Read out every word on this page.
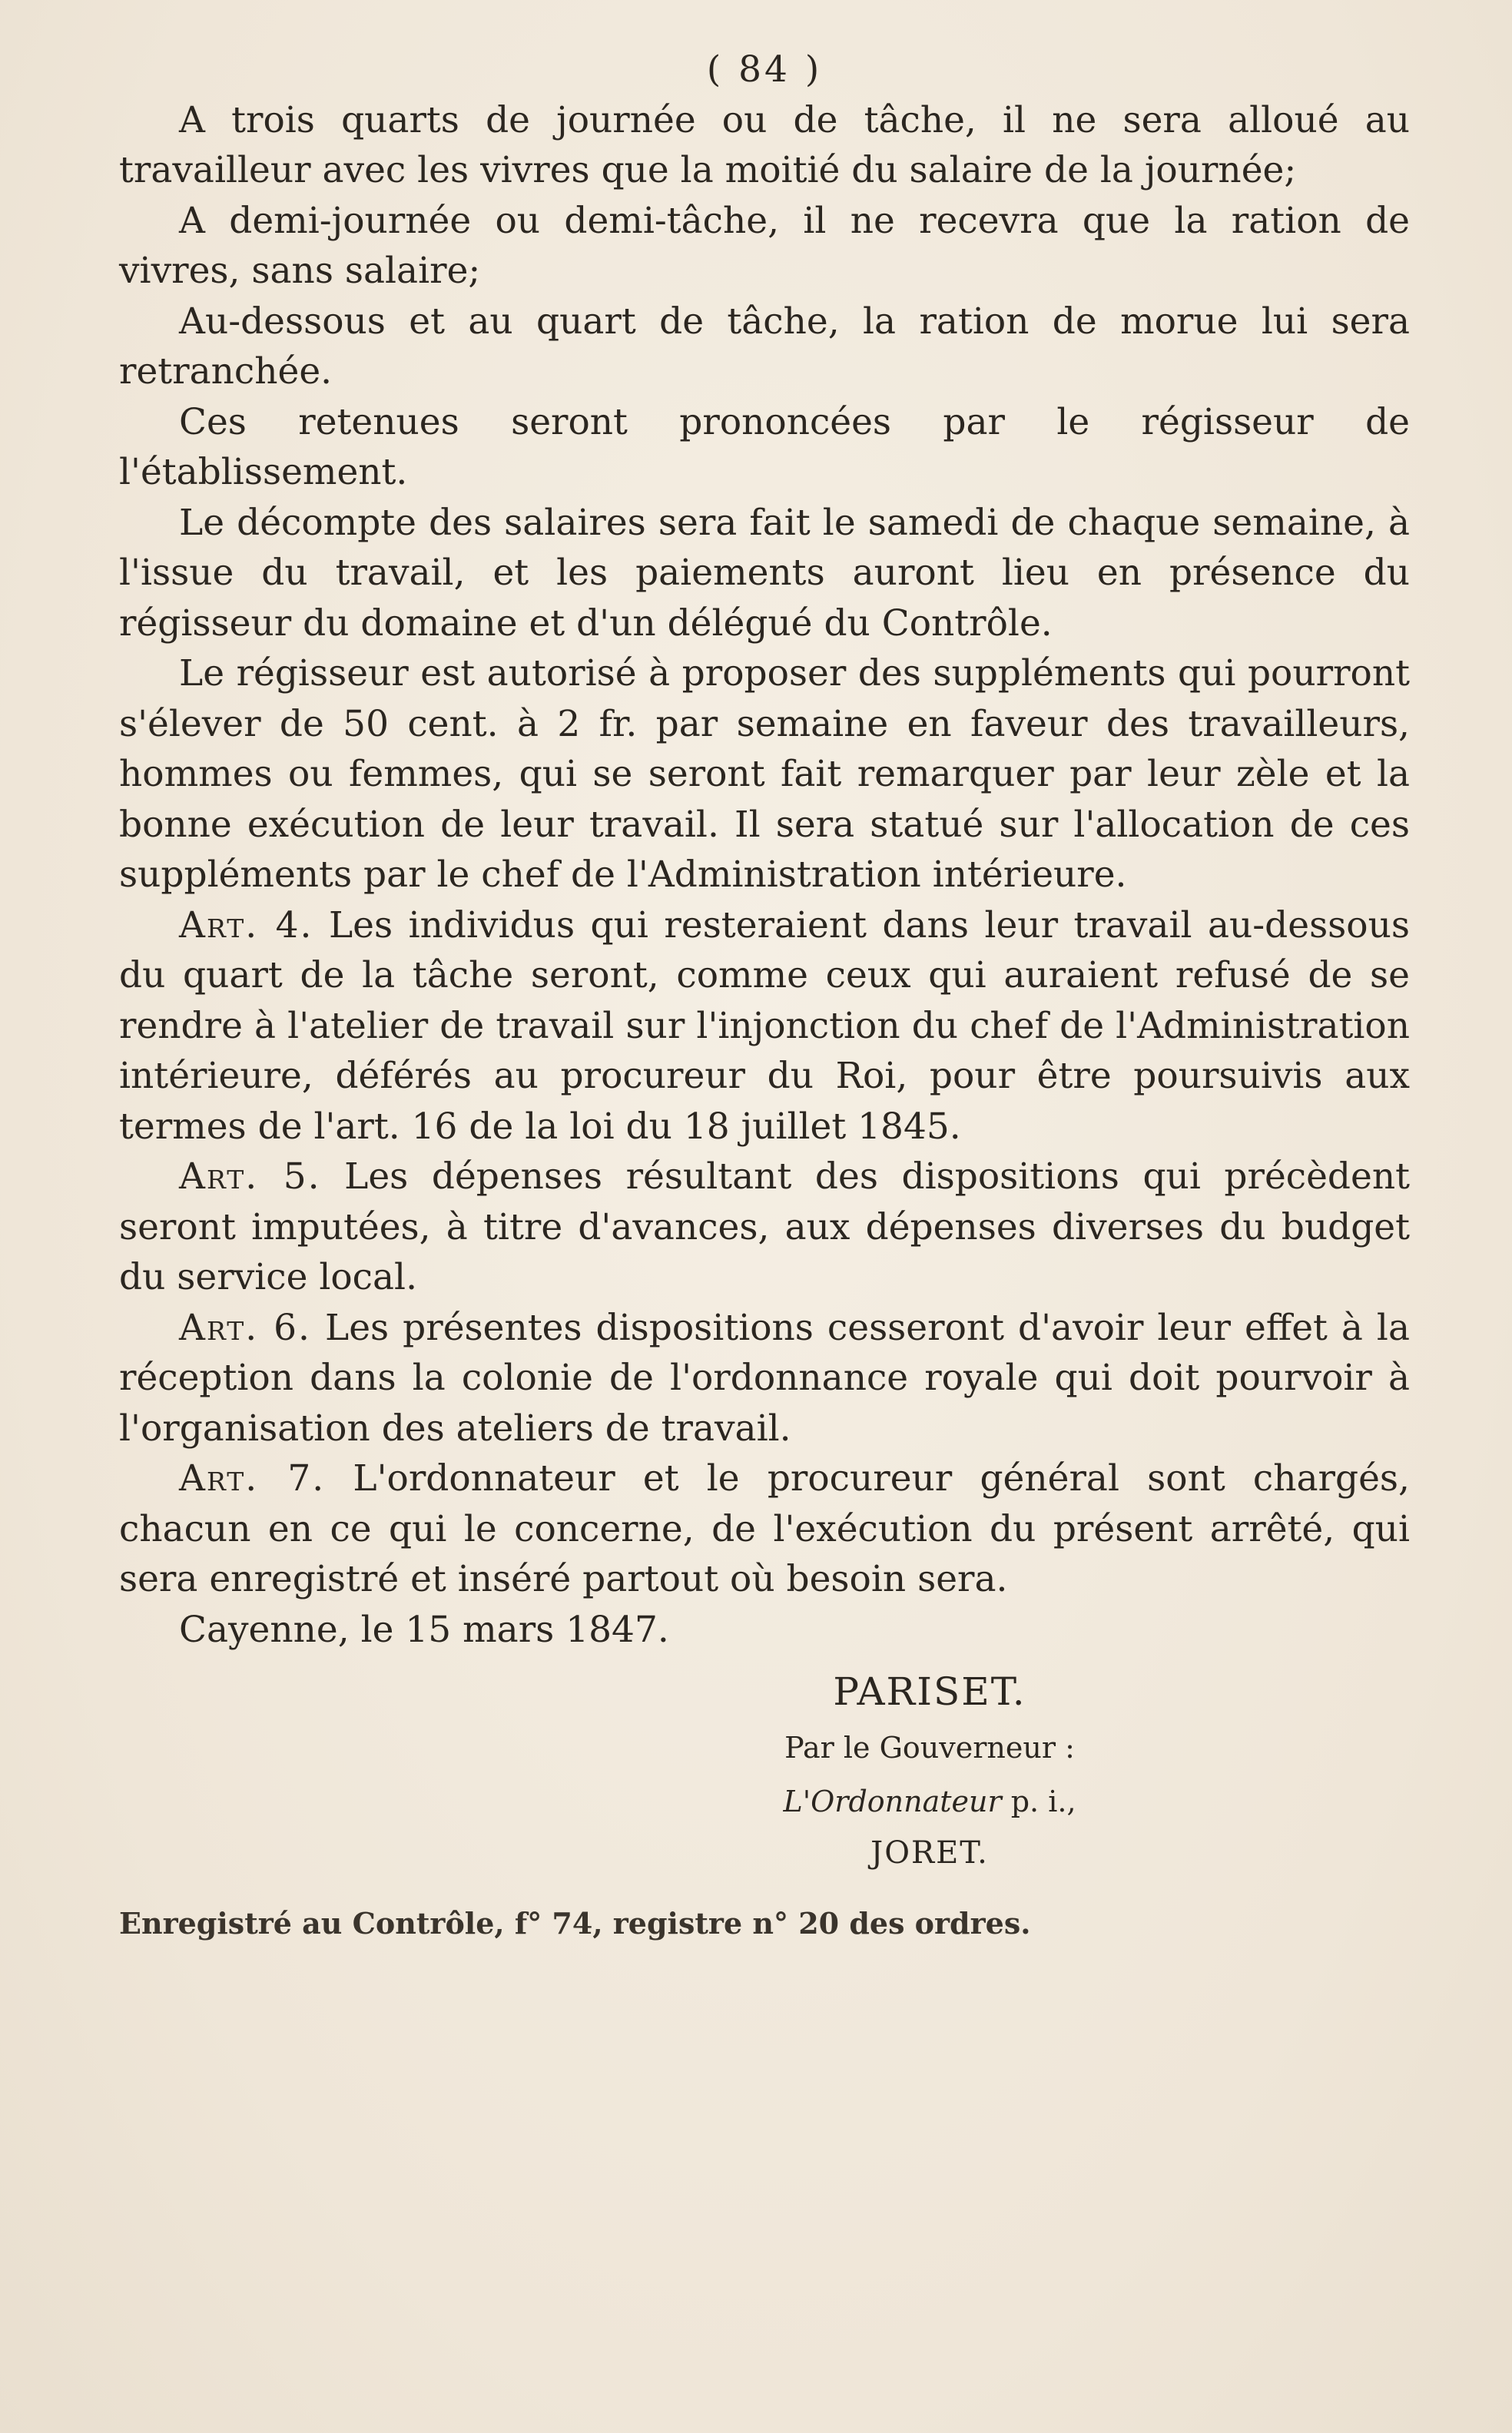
( 84 )

A trois quarts de journée ou de tâche, il ne sera alloué au travailleur avec les vivres que la moitié du salaire de la journée;

A demi-journée ou demi-tâche, il ne recevra que la ration de vivres, sans salaire;

Au-dessous et au quart de tâche, la ration de morue lui sera retranchée.

Ces retenues seront prononcées par le régisseur de l'établissement.

Le décompte des salaires sera fait le samedi de chaque semaine, à l'issue du travail, et les paiements auront lieu en présence du régisseur du domaine et d'un délégué du Contrôle.

Le régisseur est autorisé à proposer des suppléments qui pourront s'élever de 50 cent. à 2 fr. par semaine en faveur des travailleurs, hommes ou femmes, qui se seront fait remarquer par leur zèle et la bonne exécution de leur travail. Il sera statué sur l'allocation de ces suppléments par le chef de l'Administration intérieure.

Art. 4. Les individus qui resteraient dans leur travail au-dessous du quart de la tâche seront, comme ceux qui auraient refusé de se rendre à l'atelier de travail sur l'injonction du chef de l'Administration intérieure, déférés au procureur du Roi, pour être poursuivis aux termes de l'art. 16 de la loi du 18 juillet 1845.

Art. 5. Les dépenses résultant des dispositions qui précèdent seront imputées, à titre d'avances, aux dépenses diverses du budget du service local.

Art. 6. Les présentes dispositions cesseront d'avoir leur effet à la réception dans la colonie de l'ordonnance royale qui doit pourvoir à l'organisation des ateliers de travail.

Art. 7. L'ordonnateur et le procureur général sont chargés, chacun en ce qui le concerne, de l'exécution du présent arrêté, qui sera enregistré et inséré partout où besoin sera.

Cayenne, le 15 mars 1847.

PARISET.
Par le Gouverneur :
L'Ordonnateur p. i.,
JORET.
Enregistré au Contrôle, f° 74, registre n° 20 des ordres.
